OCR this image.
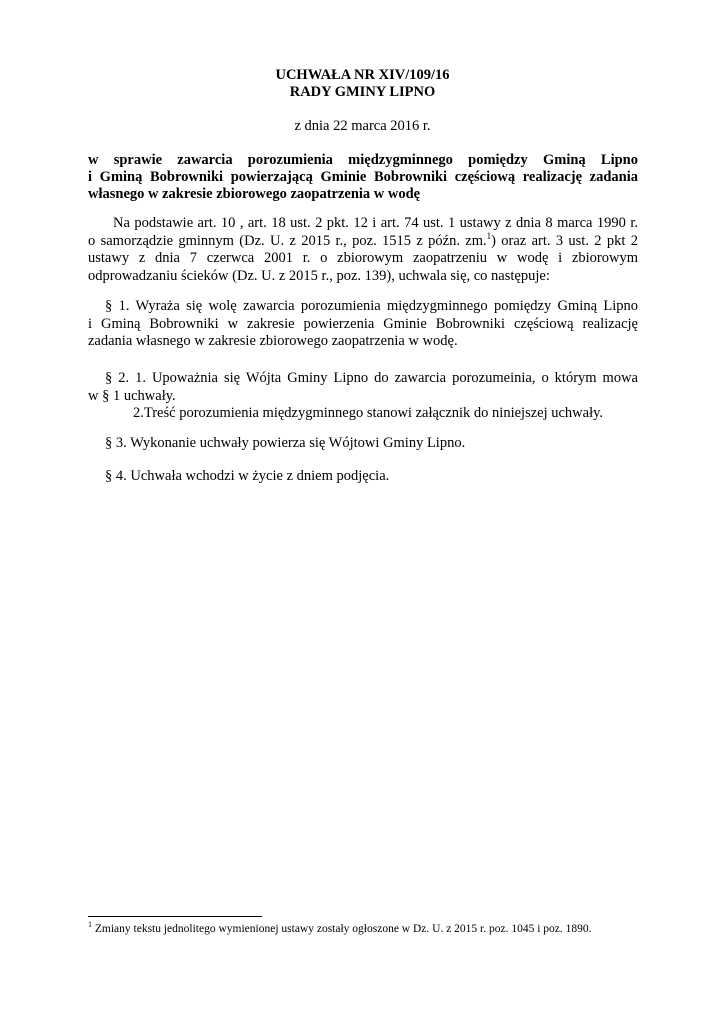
UCHWAŁA NR XIV/109/16
RADY GMINY LIPNO
z dnia 22 marca 2016 r.
w sprawie zawarcia porozumienia międzygminnego pomiędzy Gminą Lipno
i Gminą Bobrowniki powierzającą Gminie Bobrowniki częściową realizację zadania
własnego w zakresie zbiorowego zaopatrzenia w wodę
Na podstawie art. 10 , art. 18 ust. 2 pkt. 12 i art. 74 ust. 1 ustawy z dnia 8 marca 1990 r.
o samorządzie gminnym (Dz. U. z 2015 r., poz. 1515 z późn. zm.$^1$) oraz art. 3 ust. 2 pkt 2
ustawy z dnia 7 czerwca 2001 r. o zbiorowym zaopatrzeniu w wodę i zbiorowym
odprowadzaniu ścieków (Dz. U. z 2015 r., poz. 139), uchwala się, co następuje:
§ 1. Wyraża się wolę zawarcia porozumienia międzygminnego pomiędzy Gminą Lipno
i Gminą Bobrowniki w zakresie powierzenia Gminie Bobrowniki częściową realizację
zadania własnego w zakresie zbiorowego zaopatrzenia w wodę.
§ 2. 1. Upoważnia się Wójta Gminy Lipno do zawarcia porozumeinia, o którym mowa
w § 1 uchwały.
2.Treść porozumienia międzygminnego stanowi załącznik do niniejszej uchwały.
§ 3. Wykonanie uchwały powierza się Wójtowi Gminy Lipno.
§ 4. Uchwała wchodzi w życie z dniem podjęcia.
$^1$ Zmiany tekstu jednolitego wymienionej ustawy zostały ogłoszone w Dz. U. z 2015 r. poz. 1045 i poz. 1890.
